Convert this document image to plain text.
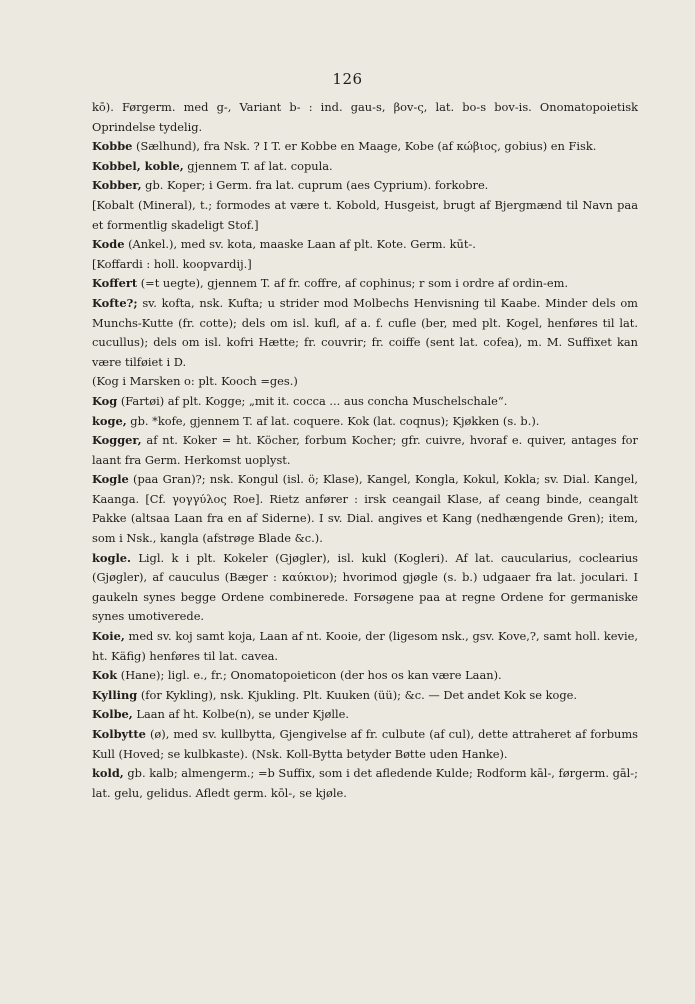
126

kō). Førgerm. med g-, Variant b- : ind. gau-s, βov-ς, lat. bo-s bov-is. Onomatopoietisk Oprindelse tydelig.

Kobbe (Sælhund), fra Nsk. ? I T. er Kobbe en Maage, Kobe (af κώβιος, gobius) en Fisk.

Kobbel, koble, gjennem T. af lat. copula.

Kobber, gb. Koper; i Germ. fra lat. cuprum (aes Cyprium). forkobre.

[Kobalt (Mineral), t.; formodes at være t. Kobold, Husgeist, brugt af Bjergmænd til Navn paa et formentlig skadeligt Stof.]

Kode (Ankel.), med sv. kota, maaske Laan af plt. Kote. Germ. kūt-.

[Koffardi : holl. koopvardij.]

Koffert (=t uegte), gjennem T. af fr. coffre, af cophinus; r som i ordre af ordin-em.

Kofte?; sv. kofta, nsk. Kufta; u strider mod Molbechs Henvisning til Kaabe. Minder dels om Munchs-Kutte (fr. cotte); dels om isl. kufl, af a. f. cufle (ber, med plt. Kogel, henføres til lat. cucullus); dels om isl. kofri Hætte; fr. couvrir; fr. coiffe (sent lat. cofea), m. M. Suffixet kan være tilføiet i D.

(Kog i Marsken o: plt. Kooch =ges.)

Kog (Fartøi) af plt. Kogge; „mit it. cocca ... aus concha Muschelschale“.

koge, gb. *kofe, gjennem T. af lat. coquere. Kok (lat. coqnus); Kjøkken (s. b.).

Kogger, af nt. Koker = ht. Köcher, forbum Kocher; gfr. cuivre, hvoraf e. quiver, antages for laant fra Germ. Herkomst uoplyst.

Kogle (paa Gran)?; nsk. Kongul (isl. ö; Klase), Kangel, Kongla, Kokul, Kokla; sv. Dial. Kangel, Kaanga. [Cf. γογγύλος Roe]. Rietz anfører : irsk ceangail Klase, af ceang binde, ceangalt Pakke (altsaa Laan fra en af Siderne). I sv. Dial. angives et Kang (nedhængende Gren); item, som i Nsk., kangla (afstrøge Blade &c.).

kogle. Ligl. k i plt. Kokeler (Gjøgler), isl. kukl (Kogleri). Af lat. caucularius, coclearius (Gjøgler), af cauculus (Bæger : καύκιον); hvorimod gjøgle (s. b.) udgaaer fra lat. joculari. I gaukeln synes begge Ordene combinerede. Forsøgene paa at regne Ordene for germaniske synes umotiverede.

Koie, med sv. koj samt koja, Laan af nt. Kooie, der (ligesom nsk., gsv. Kove,?, samt holl. kevie, ht. Käfig) henføres til lat. cavea.

Kok (Hane); ligl. e., fr.; Onomatopoieticon (der hos os kan være Laan).

Kylling (for Kykling), nsk. Kjukling. Plt. Kuuken (üü); &c. — Det andet Kok se koge.

Kolbe, Laan af ht. Kolbe(n), se under Kjølle.

Kolbytte (ø), med sv. kullbytta, Gjengivelse af fr. culbute (af cul), dette attraheret af forbums Kull (Hoved; se kulbkaste). (Nsk. Koll-Bytta betyder Bøtte uden Hanke).

kold, gb. kalb; almengerm.; =b Suffix, som i det afledende Kulde; Rodform kāl-, førgerm. gāl-; lat. gelu, gelidus. Afledt germ. kōl-, se kjøle.
